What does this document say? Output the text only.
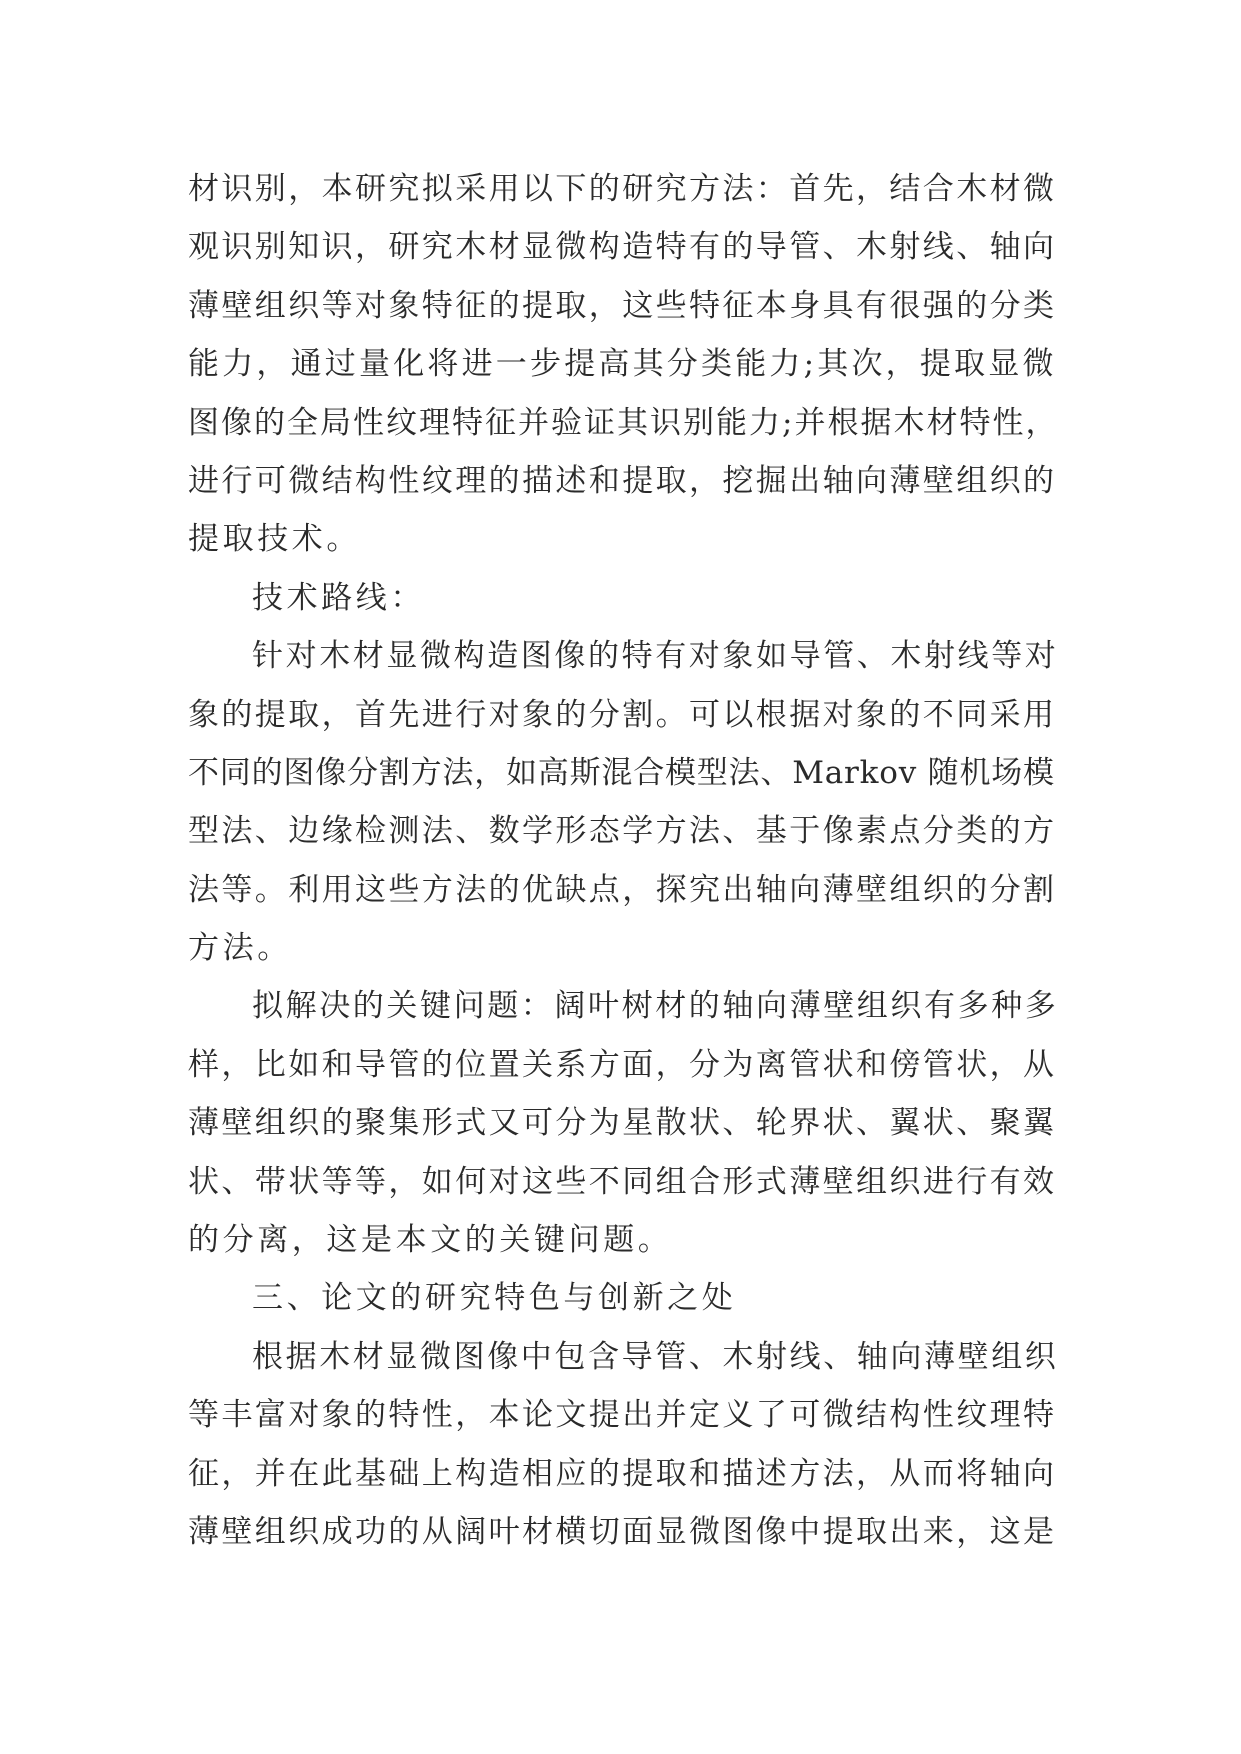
材识别，本研究拟采用以下的研究方法：首先，结合木材微
观识别知识，研究木材显微构造特有的导管、木射线、轴向
薄壁组织等对象特征的提取，这些特征本身具有很强的分类
能力，通过量化将进一步提高其分类能力;其次，提取显微
图像的全局性纹理特征并验证其识别能力;并根据木材特性，
进行可微结构性纹理的描述和提取，挖掘出轴向薄壁组织的
提取技术。
技术路线：
针对木材显微构造图像的特有对象如导管、木射线等对
象的提取，首先进行对象的分割。可以根据对象的不同采用
不同的图像分割方法，如高斯混合模型法、Markov 随机场模
型法、边缘检测法、数学形态学方法、基于像素点分类的方
法等。利用这些方法的优缺点，探究出轴向薄壁组织的分割
方法。
拟解决的关键问题：阔叶树材的轴向薄壁组织有多种多
样，比如和导管的位置关系方面，分为离管状和傍管状，从
薄壁组织的聚集形式又可分为星散状、轮界状、翼状、聚翼
状、带状等等，如何对这些不同组合形式薄壁组织进行有效
的分离，这是本文的关键问题。
三、论文的研究特色与创新之处
根据木材显微图像中包含导管、木射线、轴向薄壁组织
等丰富对象的特性，本论文提出并定义了可微结构性纹理特
征，并在此基础上构造相应的提取和描述方法，从而将轴向
薄壁组织成功的从阔叶材横切面显微图像中提取出来，这是
